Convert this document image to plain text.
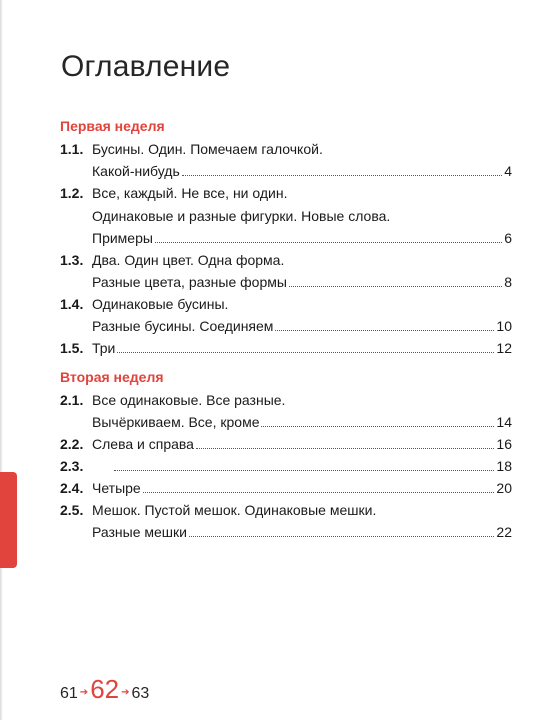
Оглавление
Первая неделя
1.1. Бусины. Один. Помечаем галочкой.
Какой-нибудь	4
1.2. Все, каждый. Не все, ни один.
Одинаковые и разные фигурки. Новые слова.
Примеры	6
1.3. Два. Один цвет. Одна форма.
Разные цвета, разные формы	8
1.4. Одинаковые бусины.
Разные бусины. Соединяем	10
1.5. Три	12
Вторая неделя
2.1. Все одинаковые. Все разные.
Вычёркиваем. Все, кроме	14
2.2. Слева и справа	16
2.3.	18
2.4. Четыре	20
2.5. Мешок. Пустой мешок. Одинаковые мешки.
Разные мешки	22
61 ➔ 62 ➔ 63
